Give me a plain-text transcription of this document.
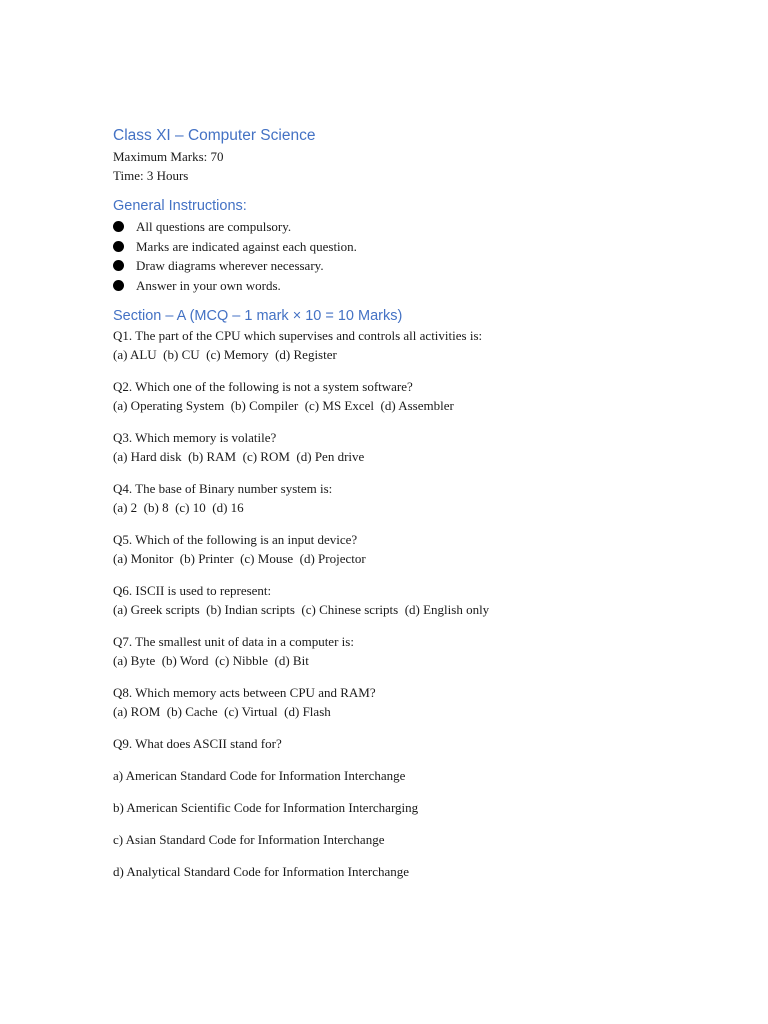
Class XI – Computer Science

Maximum Marks: 70

Time: 3 Hours

General Instructions:

All questions are compulsory.
Marks are indicated against each question.
Draw diagrams wherever necessary.
Answer in your own words.

Section – A (MCQ – 1 mark × 10 = 10 Marks)

Q1. The part of the CPU which supervises and controls all activities is:

(a) ALU  (b) CU  (c) Memory  (d) Register

Q2. Which one of the following is not a system software?

(a) Operating System  (b) Compiler  (c) MS Excel  (d) Assembler

Q3. Which memory is volatile?

(a) Hard disk  (b) RAM  (c) ROM  (d) Pen drive

Q4. The base of Binary number system is:

(a) 2  (b) 8  (c) 10  (d) 16

Q5. Which of the following is an input device?

(a) Monitor  (b) Printer  (c) Mouse  (d) Projector

Q6. ISCII is used to represent:

(a) Greek scripts  (b) Indian scripts  (c) Chinese scripts  (d) English only

Q7. The smallest unit of data in a computer is:

(a) Byte  (b) Word  (c) Nibble  (d) Bit

Q8. Which memory acts between CPU and RAM?

(a) ROM  (b) Cache  (c) Virtual  (d) Flash

Q9. What does ASCII stand for?

a) American Standard Code for Information Interchange

b) American Scientific Code for Information Intercharging

c) Asian Standard Code for Information Interchange

d) Analytical Standard Code for Information Interchange
